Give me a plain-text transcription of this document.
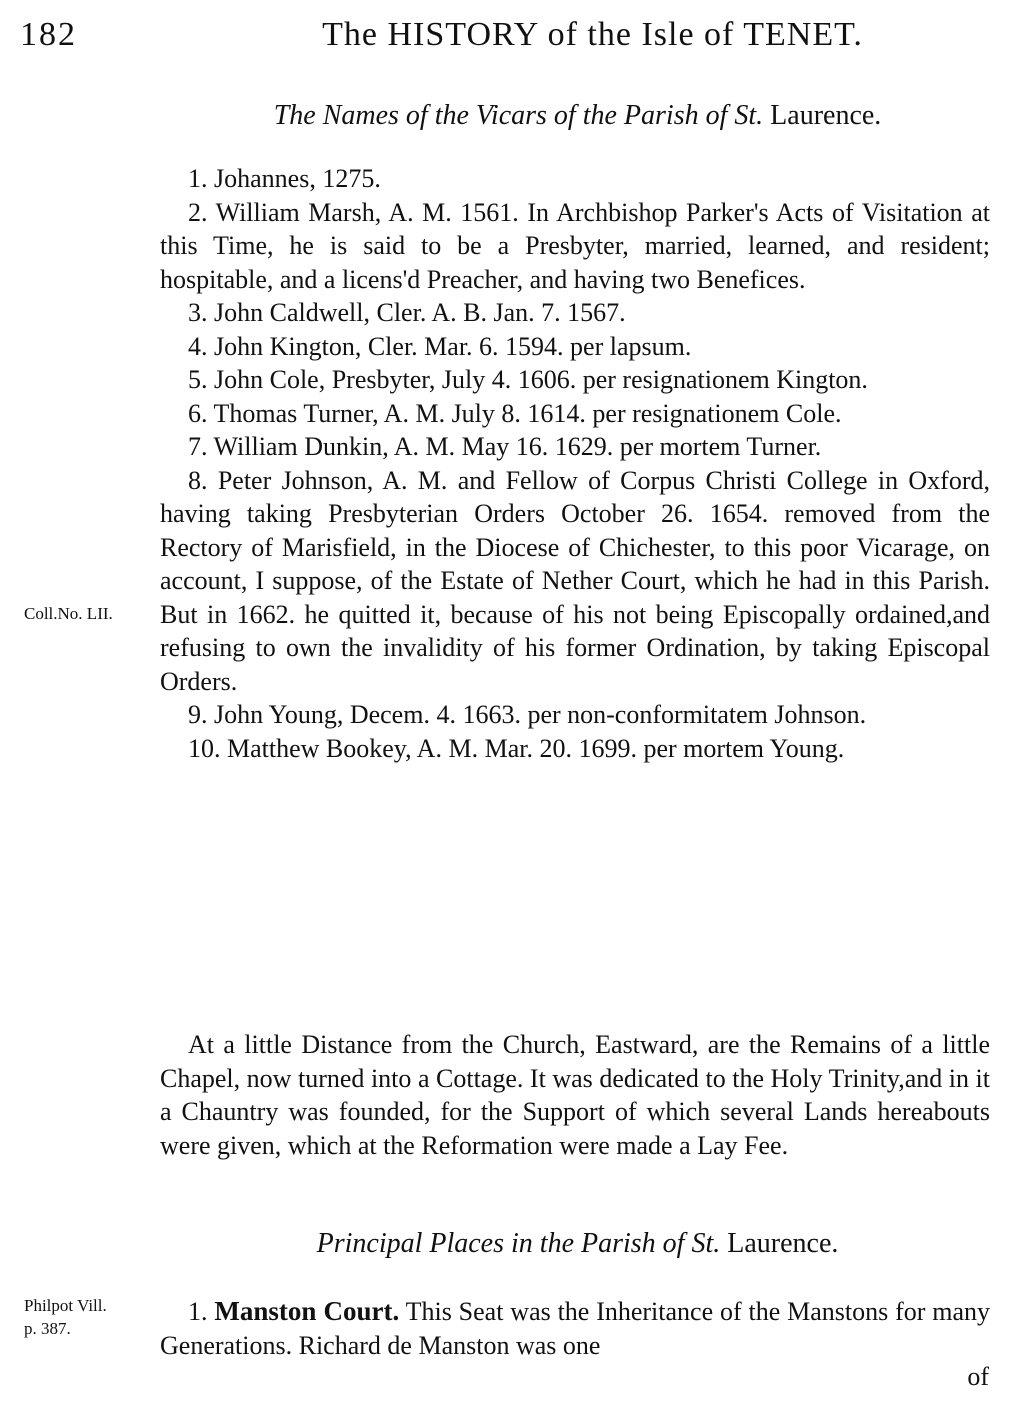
182	The HISTORY of the Isle of TENET.
The Names of the Vicars of the Parish of St. Laurence.

1. Johannes, 1275.

2. William Marsh, A. M. 1561. In Archbishop Parker's Acts of Visitation at this Time, he is said to be a Presbyter, married, learned, and resident; hospitable, and a licens'd Preacher, and having two Benefices.

3. John Caldwell, Cler. A. B. Jan. 7. 1567.

4. John Kington, Cler. Mar. 6. 1594. per lapsum.

5. John Cole, Presbyter, July 4. 1606. per resignationem Kington.

6. Thomas Turner, A. M. July 8. 1614. per resignationem Cole.

7. William Dunkin, A. M. May 16. 1629. per mortem Turner.

8. Peter Johnson, A. M. and Fellow of Corpus Christi College in Oxford, having taking Presbyterian Orders October 26. 1654. removed from the Rectory of Marisfield, in the Diocese of Chichester, to this poor Vicarage, on account, I suppose, of the Estate of Nether Court, which he had in this Parish. But in 1662. he quitted it, because of his not being Episcopally ordained,and refusing to own the invalidity of his former Ordination, by taking Episcopal Orders.

9. John Young, Decem. 4. 1663. per non-conformitatem Johnson.

10. Matthew Bookey, A. M. Mar. 20. 1699. per mortem Young.

Coll.No. LII.

At a little Distance from the Church, Eastward, are the Remains of a little Chapel, now turned into a Cottage. It was dedicated to the Holy Trinity,and in it a Chauntry was founded, for the Support of which several Lands hereabouts were given, which at the Reformation were made a Lay Fee.

Principal Places in the Parish of St. Laurence.
Philpot Vill.
p. 387.

1. Manston Court. This Seat was the Inheritance of the Manstons for many Generations. Richard de Manston was one

of
